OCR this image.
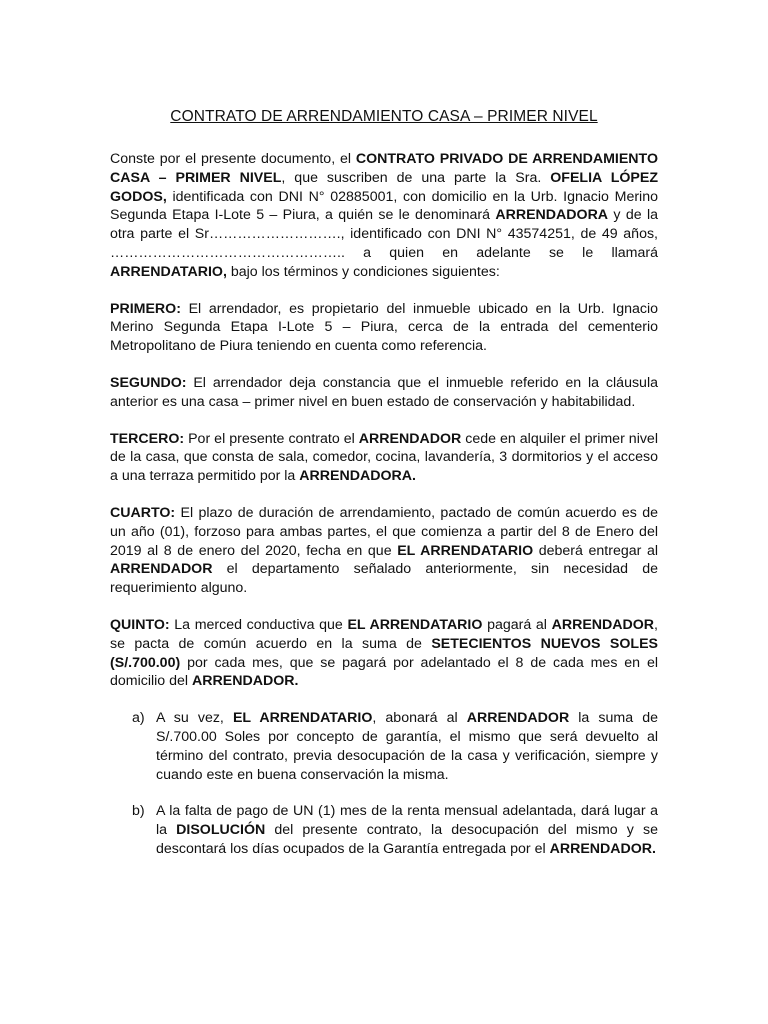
CONTRATO DE ARRENDAMIENTO CASA – PRIMER NIVEL

Conste por el presente documento, el CONTRATO PRIVADO DE ARRENDAMIENTO CASA – PRIMER NIVEL, que suscriben de una parte la Sra. OFELIA LÓPEZ GODOS, identificada con DNI N° 02885001, con domicilio en la Urb. Ignacio Merino Segunda Etapa I-Lote 5 – Piura, a quién se le denominará ARRENDADORA y de la otra parte el Sr………………………., identificado con DNI N° 43574251, de 49 años, ………………………………………….. a quien en adelante se le llamará ARRENDATARIO, bajo los términos y condiciones siguientes:

PRIMERO: El arrendador, es propietario del inmueble ubicado en la Urb. Ignacio Merino Segunda Etapa I-Lote 5 – Piura, cerca de la entrada del cementerio Metropolitano de Piura teniendo en cuenta como referencia.

SEGUNDO: El arrendador deja constancia que el inmueble referido en la cláusula anterior es una casa – primer nivel en buen estado de conservación y habitabilidad.

TERCERO: Por el presente contrato el ARRENDADOR cede en alquiler el primer nivel de la casa, que consta de sala, comedor, cocina, lavandería, 3 dormitorios y el acceso a una terraza permitido por la ARRENDADORA.

CUARTO: El plazo de duración de arrendamiento, pactado de común acuerdo es de un año (01), forzoso para ambas partes, el que comienza a partir del 8 de Enero del 2019 al 8 de enero del 2020, fecha en que EL ARRENDATARIO deberá entregar al ARRENDADOR el departamento señalado anteriormente, sin necesidad de requerimiento alguno.

QUINTO: La merced conductiva que EL ARRENDATARIO pagará al ARRENDADOR, se pacta de común acuerdo en la suma de SETECIENTOS NUEVOS SOLES (S/.700.00) por cada mes, que se pagará por adelantado el 8 de cada mes en el domicilio del ARRENDADOR.

a) A su vez, EL ARRENDATARIO, abonará al ARRENDADOR la suma de S/.700.00 Soles por concepto de garantía, el mismo que será devuelto al término del contrato, previa desocupación de la casa y verificación, siempre y cuando este en buena conservación la misma.
b) A la falta de pago de UN (1) mes de la renta mensual adelantada, dará lugar a la DISOLUCIÓN del presente contrato, la desocupación del mismo y se descontará los días ocupados de la Garantía entregada por el ARRENDADOR.
